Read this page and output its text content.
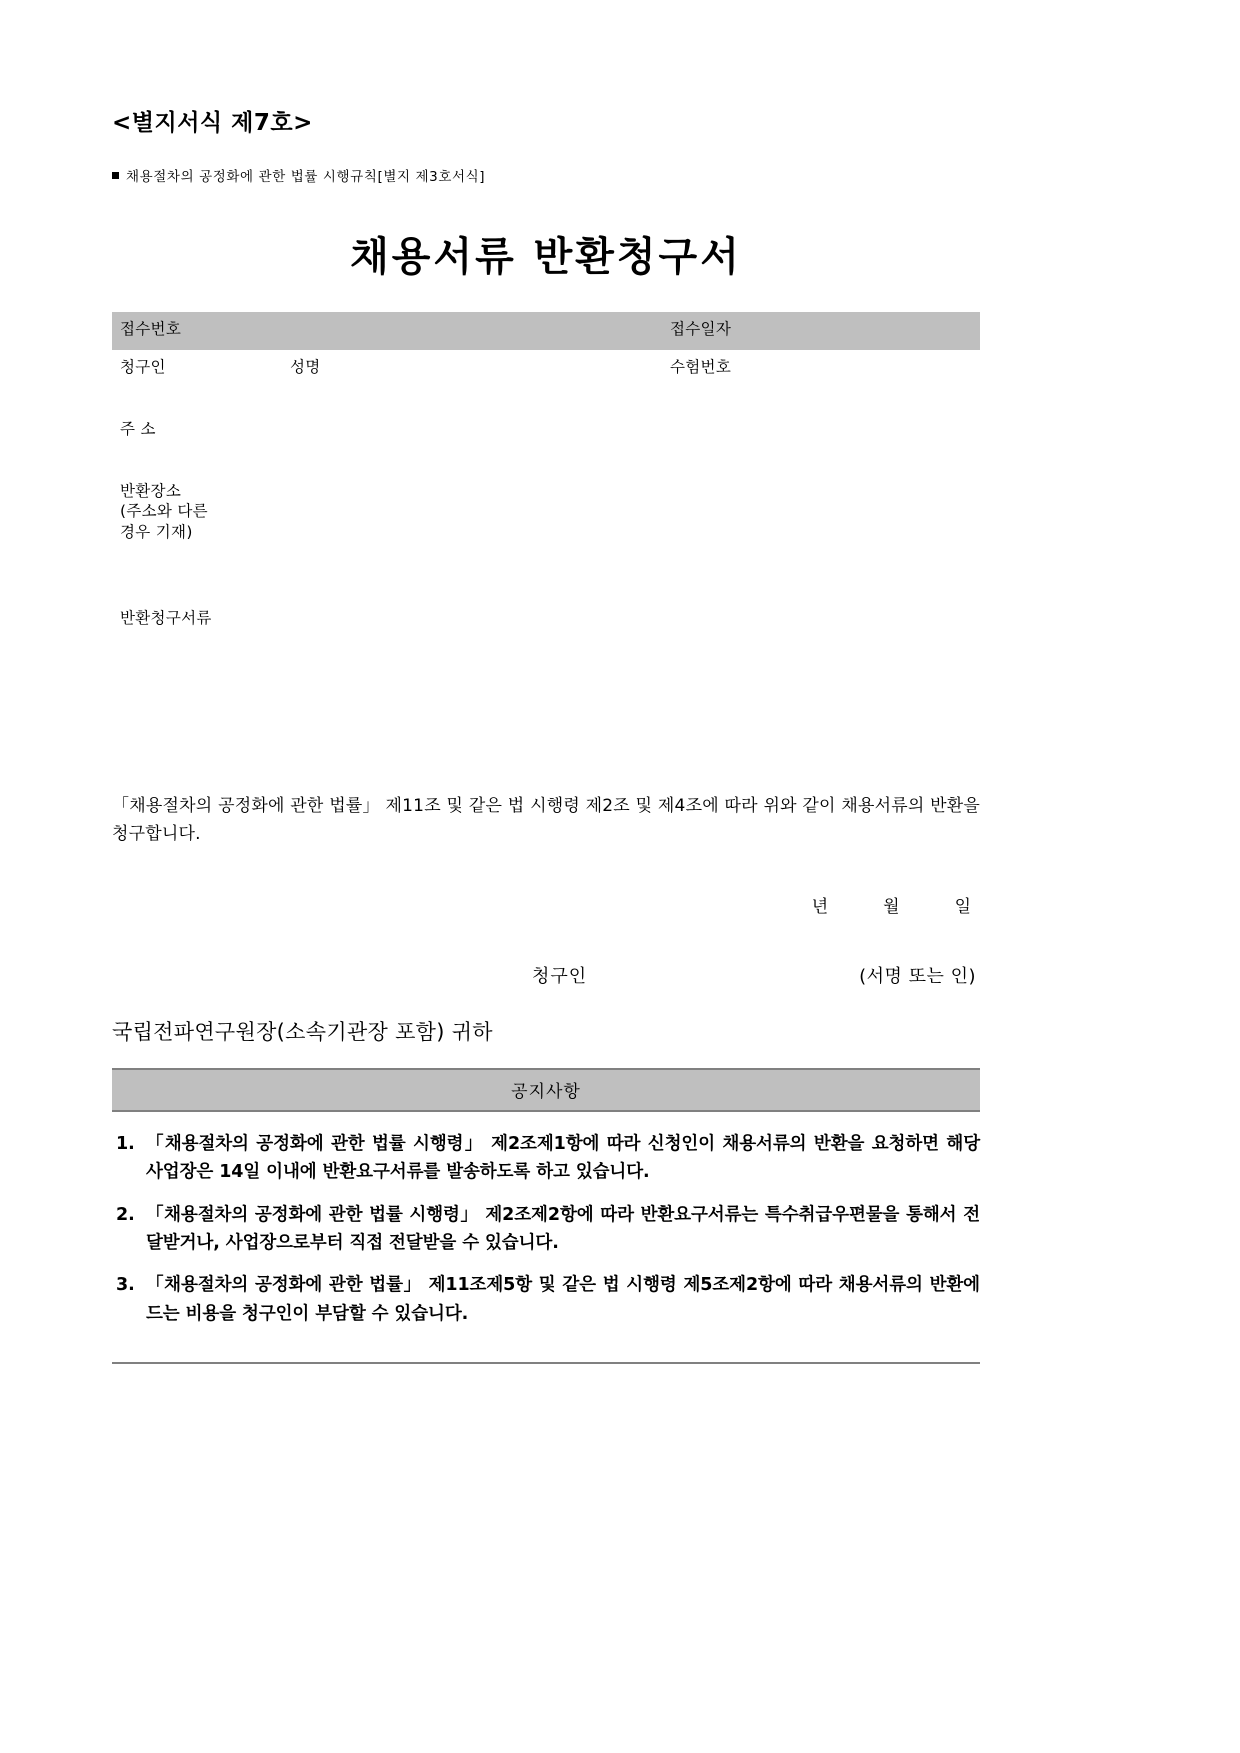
<별지서식 제7호>
채용절차의 공정화에 관한 법률 시행규칙[별지 제3호서식]
채용서류 반환청구서
접수번호		접수일자

청구인	성명	수험번호

주 소		

반환장소
(주소와 다른
경우 기재)		

반환청구서류		

「채용절차의 공정화에 관한 법률」 제11조 및 같은 법 시행령 제2조 및 제4조에 따라 위와 같이 채용서류의 반환을 청구합니다.
년	월	일
청구인	(서명 또는 인)
국립전파연구원장(소속기관장 포함) 귀하
공지사항
1. 「채용절차의 공정화에 관한 법률 시행령」 제2조제1항에 따라 신청인이 채용서류의 반환을 요청하면 해당 사업장은 14일 이내에 반환요구서류를 발송하도록 하고 있습니다.
2. 「채용절차의 공정화에 관한 법률 시행령」 제2조제2항에 따라 반환요구서류는 특수취급우편물을 통해서 전달받거나, 사업장으로부터 직접 전달받을 수 있습니다.
3. 「채용절차의 공정화에 관한 법률」 제11조제5항 및 같은 법 시행령 제5조제2항에 따라 채용서류의 반환에 드는 비용을 청구인이 부담할 수 있습니다.
